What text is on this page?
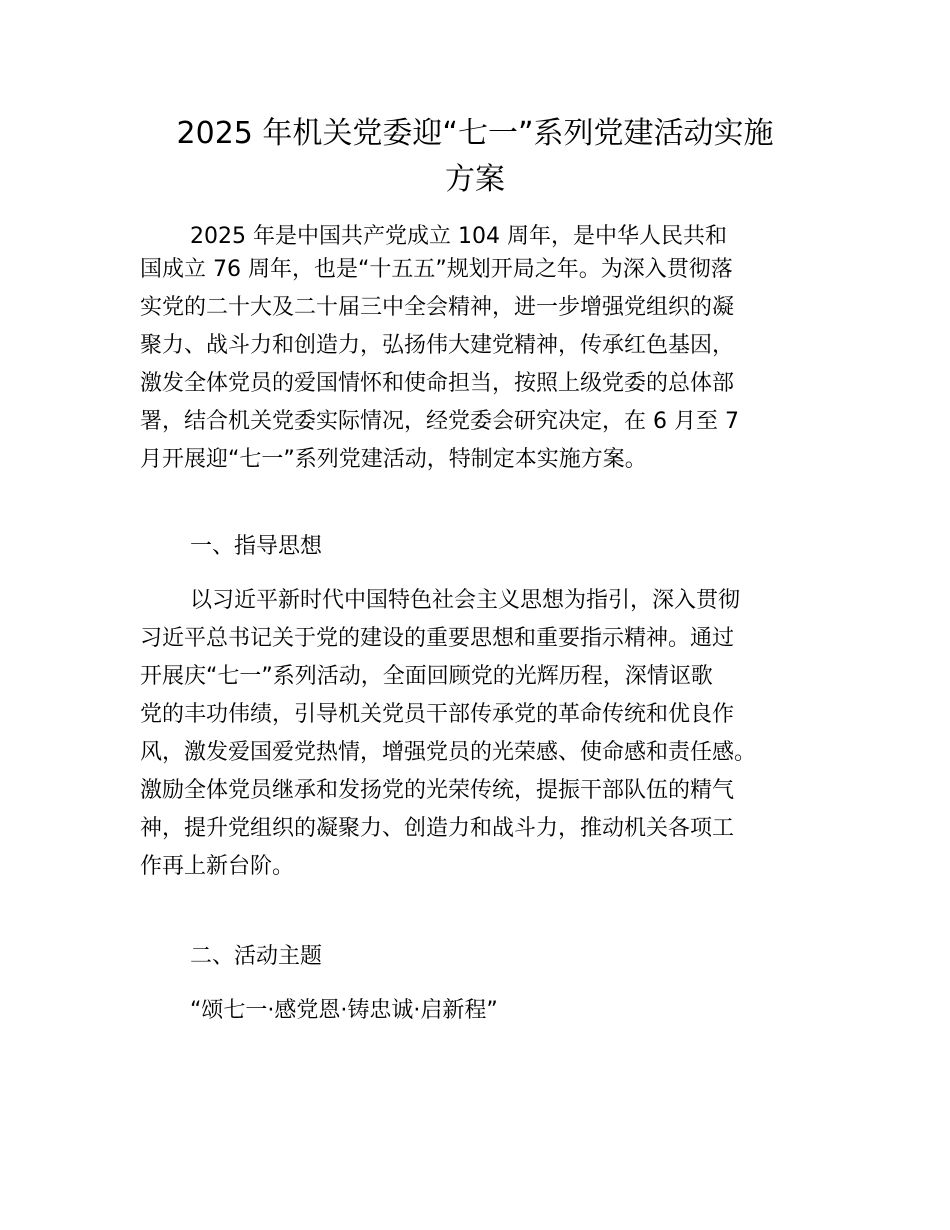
2025 年机关党委迎“七一”系列党建活动实施
方案
2025 年是中国共产党成立 104 周年，是中华人民共和
国成立 76 周年，也是“十五五”规划开局之年。为深入贯彻落
实党的二十大及二十届三中全会精神，进一步增强党组织的凝
聚力、战斗力和创造力，弘扬伟大建党精神，传承红色基因，
激发全体党员的爱国情怀和使命担当，按照上级党委的总体部
署，结合机关党委实际情况，经党委会研究决定，在 6 月至 7
月开展迎“七一”系列党建活动，特制定本实施方案。
一、指导思想
以习近平新时代中国特色社会主义思想为指引，深入贯彻
习近平总书记关于党的建设的重要思想和重要指示精神。通过
开展庆“七一”系列活动，全面回顾党的光辉历程，深情讴歌
党的丰功伟绩，引导机关党员干部传承党的革命传统和优良作
风，激发爱国爱党热情，增强党员的光荣感、使命感和责任感。
激励全体党员继承和发扬党的光荣传统，提振干部队伍的精气
神，提升党组织的凝聚力、创造力和战斗力，推动机关各项工
作再上新台阶。
二、活动主题
“颂七一·感党恩·铸忠诚·启新程”
